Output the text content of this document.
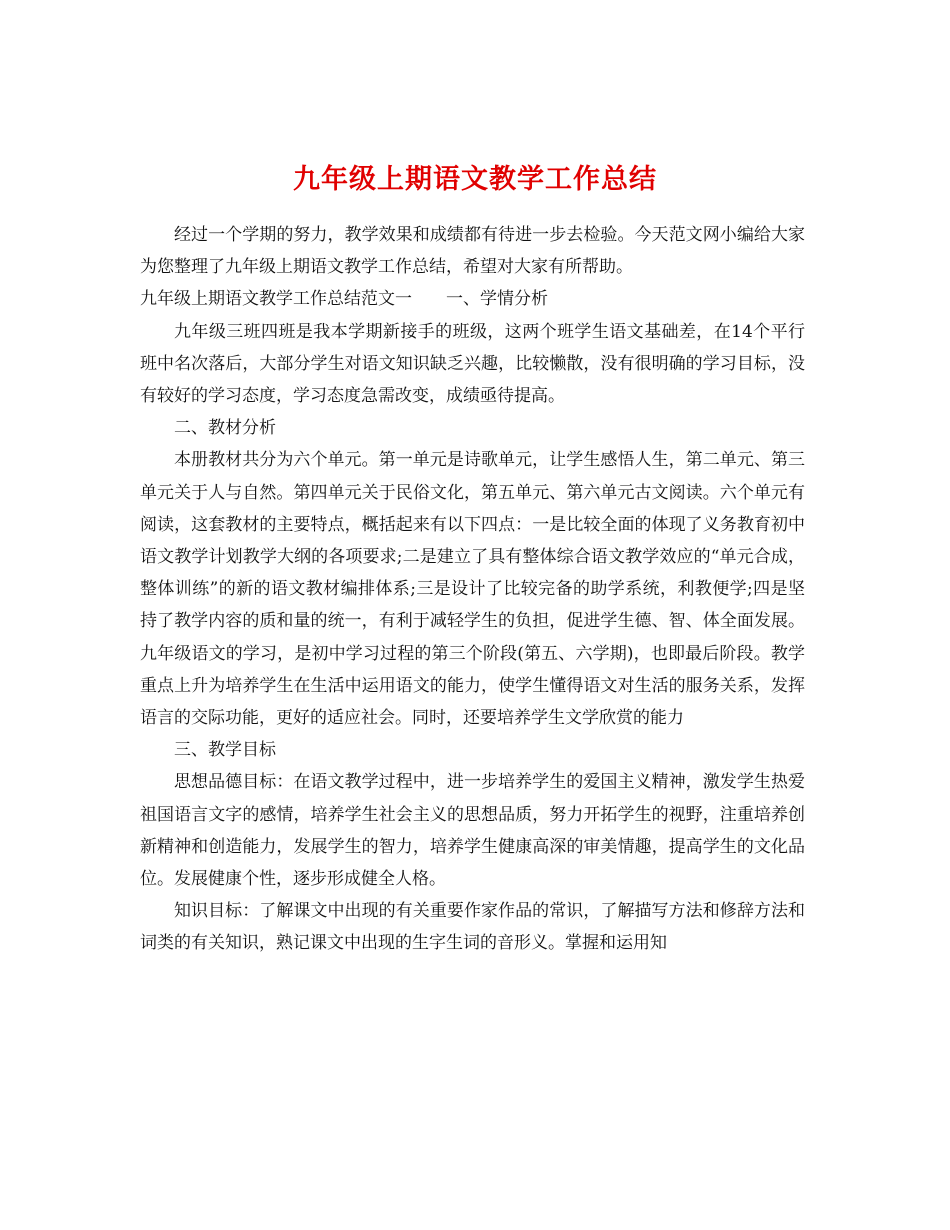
九年级上期语文教学工作总结

经过一个学期的努力，教学效果和成绩都有待进一步去检验。今天范文网小编给大家为您整理了九年级上期语文教学工作总结，希望对大家有所帮助。

九年级上期语文教学工作总结范文一　　一、学情分析

九年级三班四班是我本学期新接手的班级，这两个班学生语文基础差，在14个平行班中名次落后，大部分学生对语文知识缺乏兴趣，比较懒散，没有很明确的学习目标，没有较好的学习态度，学习态度急需改变，成绩亟待提高。

二、教材分析

本册教材共分为六个单元。第一单元是诗歌单元，让学生感悟人生，第二单元、第三单元关于人与自然。第四单元关于民俗文化，第五单元、第六单元古文阅读。六个单元有阅读，这套教材的主要特点，概括起来有以下四点：一是比较全面的体现了义务教育初中语文教学计划教学大纲的各项要求;二是建立了具有整体综合语文教学效应的“单元合成，整体训练”的新的语文教材编排体系;三是设计了比较完备的助学系统，利教便学;四是坚持了教学内容的质和量的统一，有利于减轻学生的负担，促进学生德、智、体全面发展。九年级语文的学习，是初中学习过程的第三个阶段(第五、六学期)，也即最后阶段。教学重点上升为培养学生在生活中运用语文的能力，使学生懂得语文对生活的服务关系，发挥语言的交际功能，更好的适应社会。同时，还要培养学生文学欣赏的能力

三、教学目标

思想品德目标：在语文教学过程中，进一步培养学生的爱国主义精神，激发学生热爱祖国语言文字的感情，培养学生社会主义的思想品质，努力开拓学生的视野，注重培养创新精神和创造能力，发展学生的智力，培养学生健康高深的审美情趣，提高学生的文化品位。发展健康个性，逐步形成健全人格。

知识目标：了解课文中出现的有关重要作家作品的常识，了解描写方法和修辞方法和词类的有关知识，熟记课文中出现的生字生词的音形义。掌握和运用知
